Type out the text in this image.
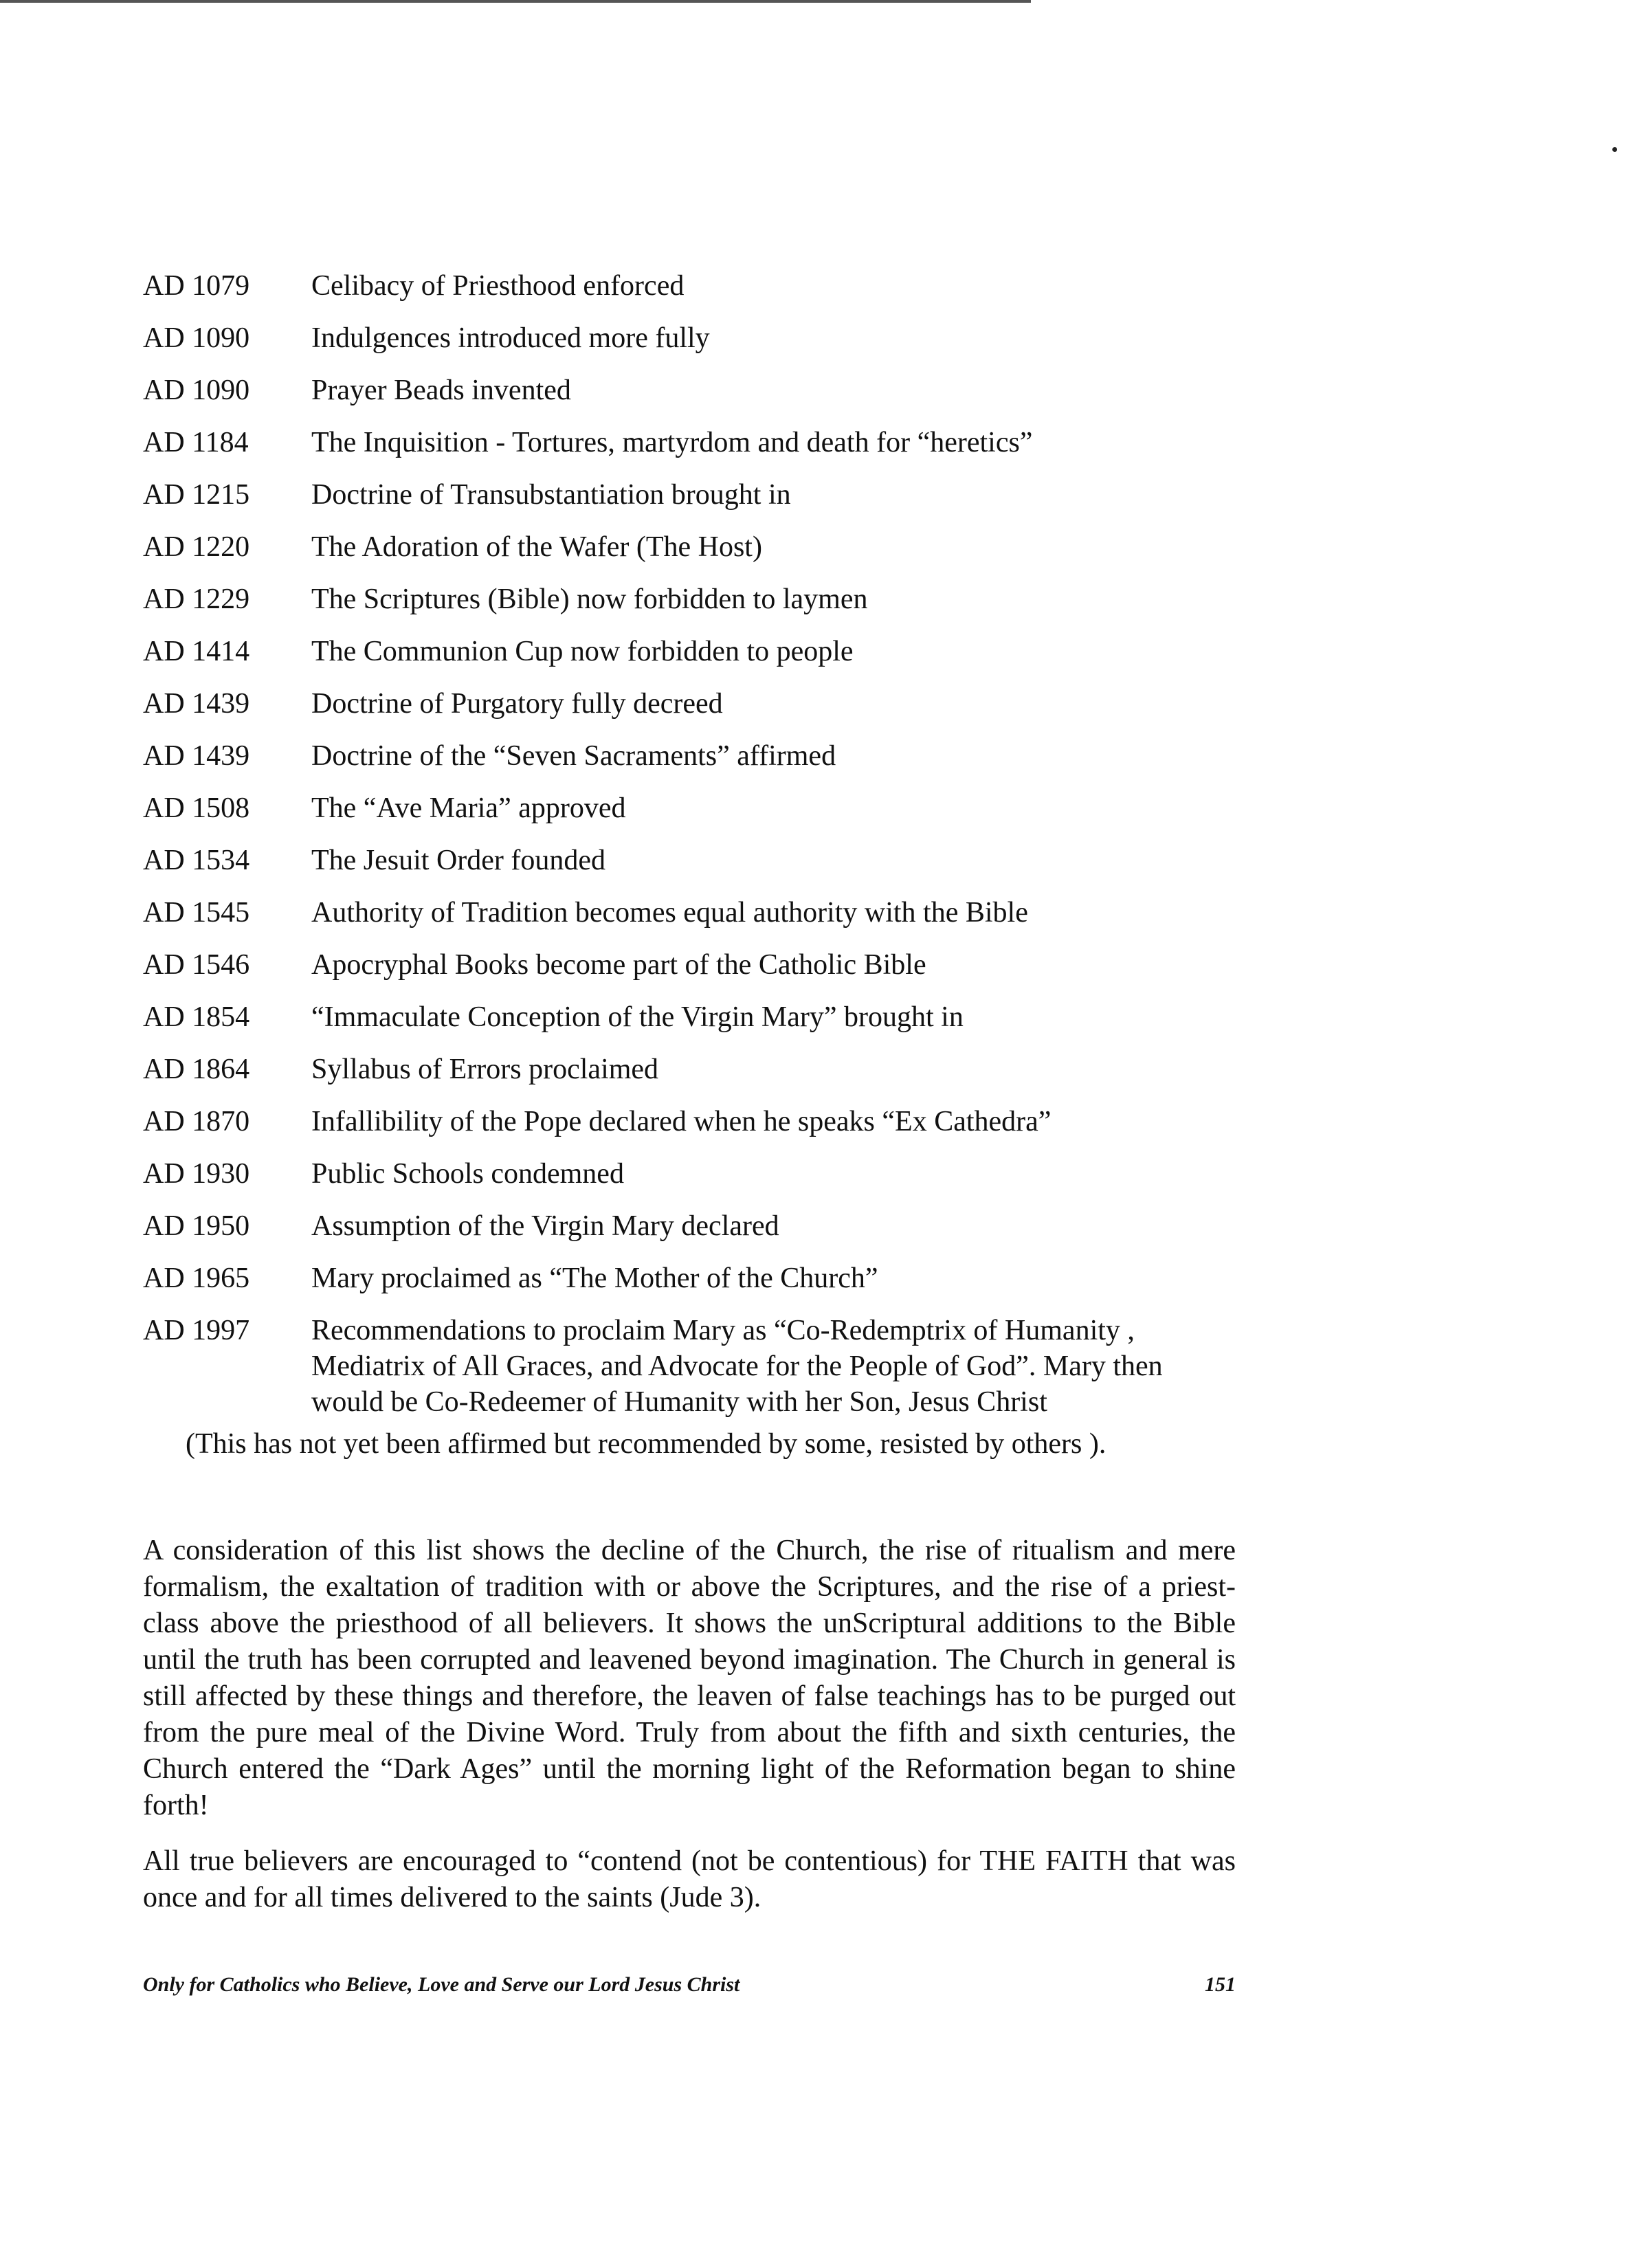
AD 1079	Celibacy of Priesthood enforced
AD 1090	Indulgences introduced more fully
AD 1090	Prayer Beads invented
AD 1184	The Inquisition - Tortures, martyrdom and death for “heretics”
AD 1215	Doctrine of Transubstantiation brought in
AD 1220	The Adoration of the Wafer (The Host)
AD 1229	The Scriptures (Bible) now forbidden to laymen
AD 1414	The Communion Cup now forbidden to people
AD 1439	Doctrine of Purgatory fully decreed
AD 1439	Doctrine of the “Seven Sacraments” affirmed
AD 1508	The “Ave Maria” approved
AD 1534	The Jesuit Order founded
AD 1545	Authority of Tradition becomes equal authority with the Bible
AD 1546	Apocryphal Books become part of the Catholic Bible
AD 1854	“Immaculate Conception of the Virgin Mary” brought in
AD 1864	Syllabus of Errors proclaimed
AD 1870	Infallibility of the Pope declared when he speaks “Ex Cathedra”
AD 1930	Public Schools condemned
AD 1950	Assumption of the Virgin Mary declared
AD 1965	Mary proclaimed as “The Mother of the Church”
AD 1997	Recommendations to proclaim Mary as “Co-Redemptrix of Humanity ,
Mediatrix of All Graces, and Advocate for the People of God”. Mary then
would be Co-Redeemer of Humanity with her Son, Jesus Christ
(This has not yet been affirmed but recommended by some, resisted by others ).

A consideration of this list shows the decline of the Church, the rise of ritualism and mere formalism, the exaltation of tradition with or above the Scriptures, and the rise of a priest-class above the priesthood of all believers. It shows the unScriptural additions to the Bible until the truth has been corrupted and leavened beyond imagination. The Church in general is still affected by these things and therefore, the leaven of false teachings has to be purged out from the pure meal of the Divine Word. Truly from about the fifth and sixth centuries, the Church entered the “Dark Ages” until the morning light of the Reformation began to shine forth!

All true believers are encouraged to “contend (not be contentious) for THE FAITH that was once and for all times delivered to the saints (Jude 3).

Only for Catholics who Believe, Love and Serve our Lord Jesus Christ	151
